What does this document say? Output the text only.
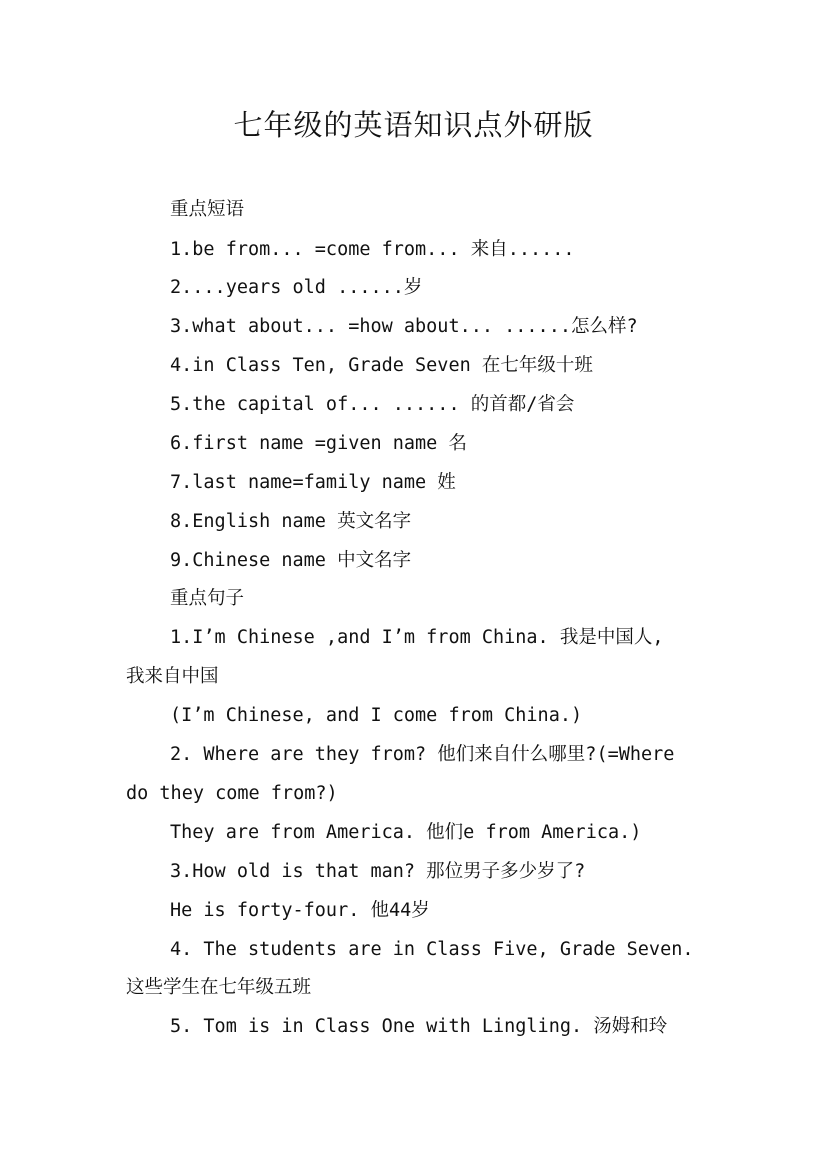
七年级的英语知识点外研版
重点短语
1.be from... =come from... 来自......
2....years old ......岁
3.what about... =how about... ......怎么样?
4.in Class Ten, Grade Seven 在七年级十班
5.the capital of... ...... 的首都/省会
6.first name =given name 名
7.last name=family name 姓
8.English name 英文名字
9.Chinese name 中文名字
重点句子
1.I’m Chinese ,and I’m from China. 我是中国人,
我来自中国
(I’m Chinese, and I come from China.)
2. Where are they from? 他们来自什么哪里?(=Where
do they come from?)
They are from America. 他们e from America.)
3.How old is that man? 那位男子多少岁了?
He is forty-four. 他44岁
4. The students are in Class Five, Grade Seven.
这些学生在七年级五班
5. Tom is in Class One with Lingling. 汤姆和玲
